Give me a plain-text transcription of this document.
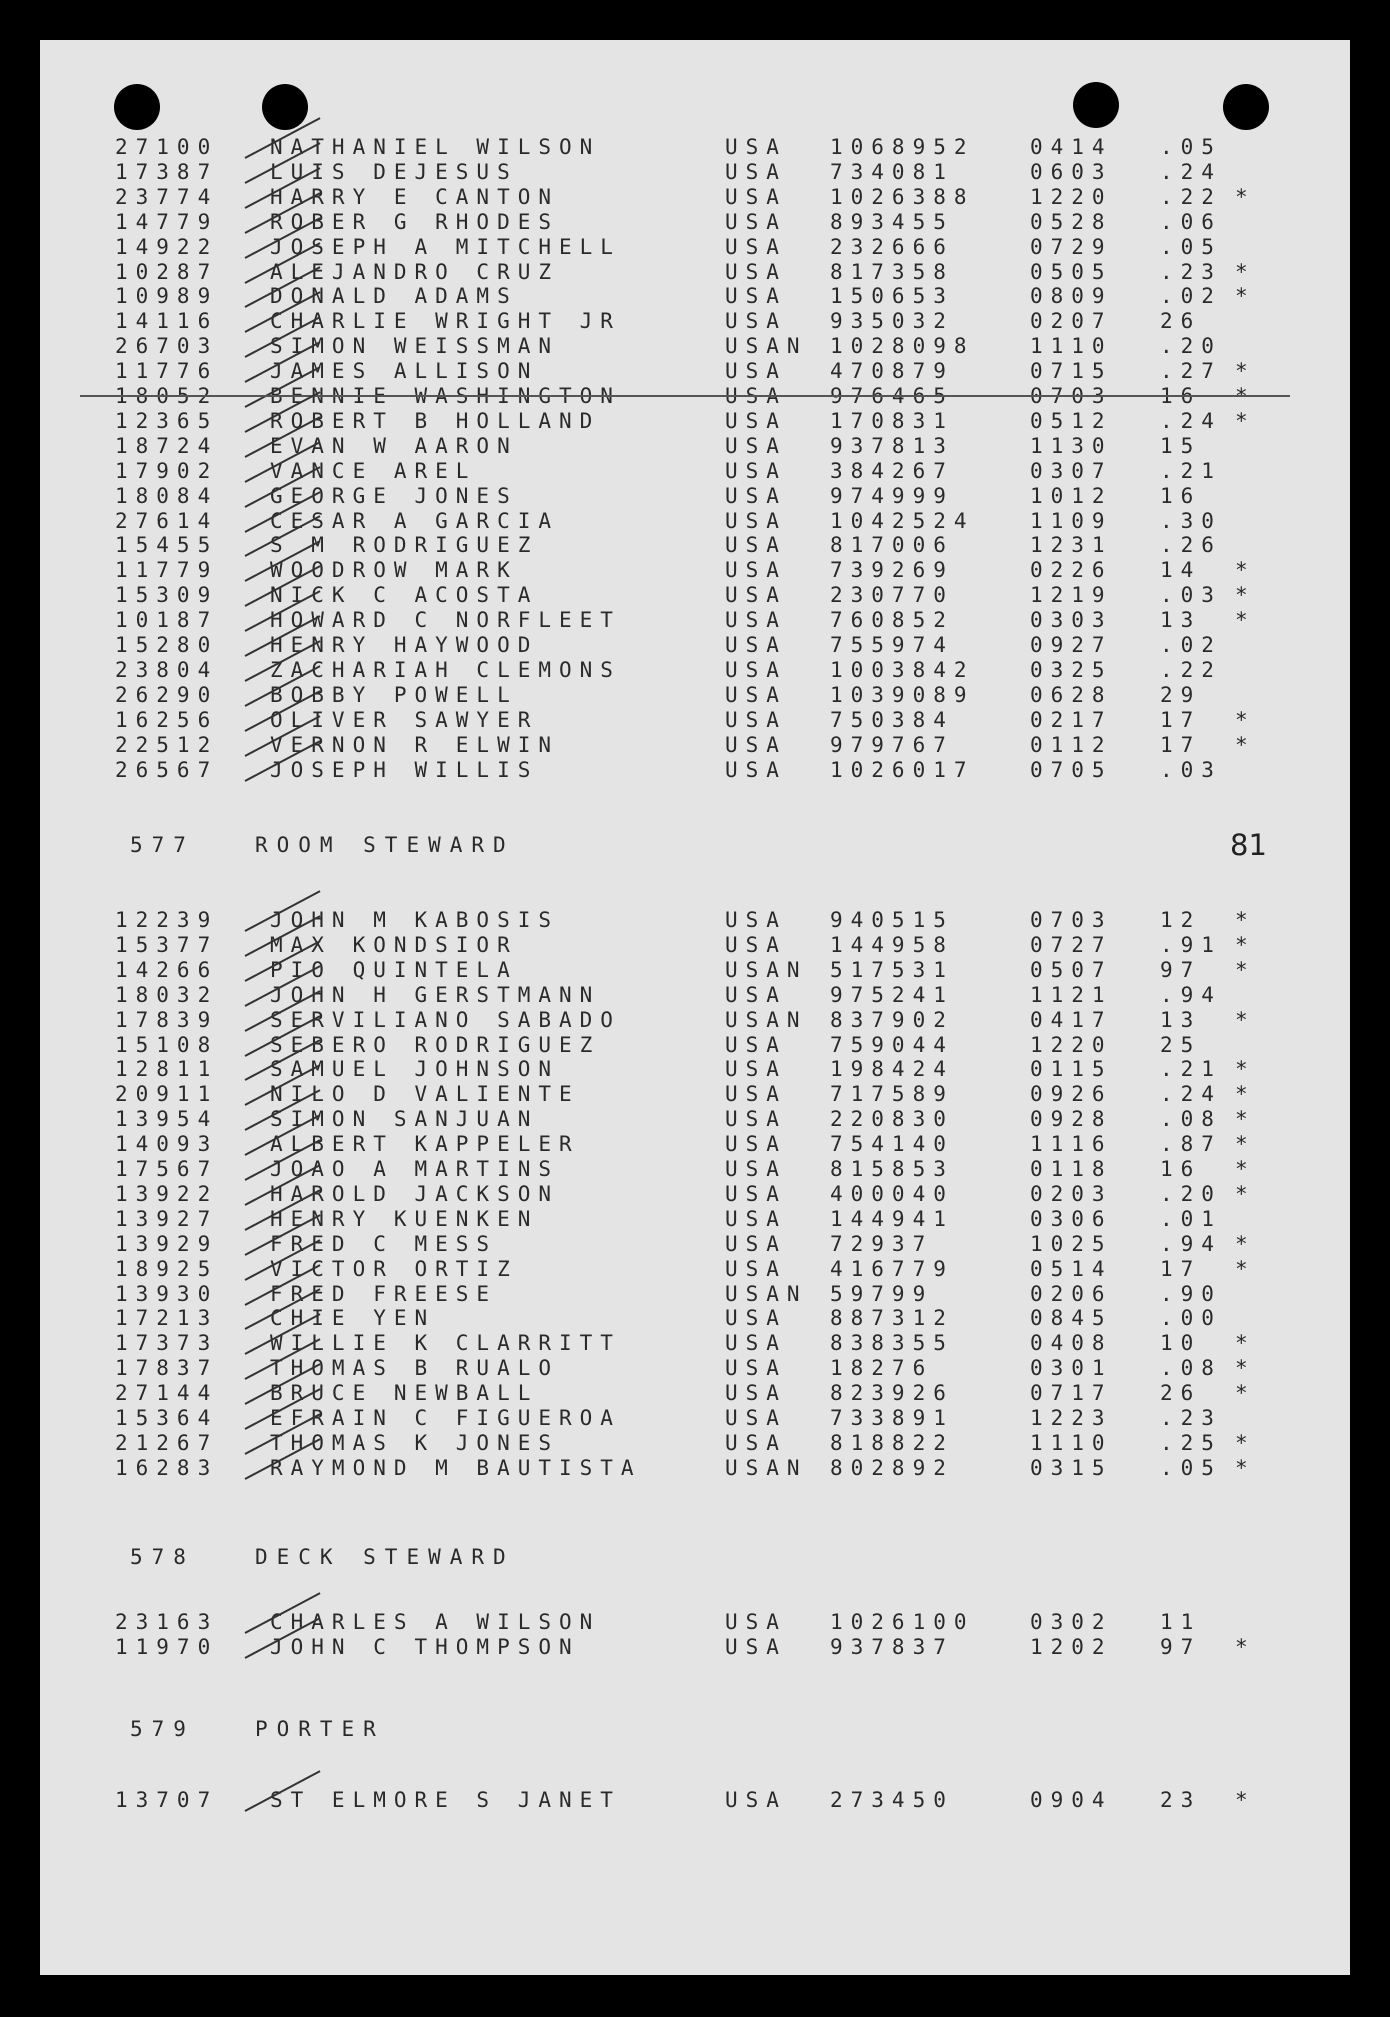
81
27100 NATHANIEL WILSON	USA 1068952	0414 .05
17387 LUIS DEJESUS	USA 734081	0603 .24
23774 HARRY E CANTON	USA 1026388	1220 .22 *
14779 ROBER G RHODES	USA 893455	0528 .06
14922 JOSEPH A MITCHELL	USA 232666	0729 .05
10287 ALEJANDRO CRUZ	USA 817358	0505 .23 *
10989 DONALD ADAMS	USA 150653	0809 .02 *
14116 CHARLIE WRIGHT JR	USA 935032	0207 26
26703 SIMON WEISSMAN	USAN 1028098	1110 .20
11776 JAMES ALLISON	USA 470879	0715 .27 *
18052 BENNIE WASHINGTON	USA 976465	0703 16 *
12365 ROBERT B HOLLAND	USA 170831	0512 .24 *
18724 EVAN W AARON	USA 937813	1130 15
17902 VANCE AREL	USA 384267	0307 .21
18084 GEORGE JONES	USA 974999	1012 16
27614 CESAR A GARCIA	USA 1042524	1109 .30
15455 S M RODRIGUEZ	USA 817006	1231 .26
11779 WOODROW MARK	USA 739269	0226 14 *
15309 NICK C ACOSTA	USA 230770	1219 .03 *
10187 HOWARD C NORFLEET	USA 760852	0303 13 *
15280 HENRY HAYWOOD	USA 755974	0927 .02
23804 ZACHARIAH CLEMONS	USA 1003842	0325 .22
26290 BOBBY POWELL	USA 1039089	0628 29
16256 OLIVER SAWYER	USA 750384	0217 17 *
22512 VERNON R ELWIN	USA 979767	0112 17 *
26567 JOSEPH WILLIS	USA 1026017	0705 .03
577	ROOM STEWARD
12239 JOHN M KABOSIS	USA 940515	0703 12 *
15377 MAX KONDSIOR	USA 144958	0727 .91 *
14266 PIO QUINTELA	USAN 517531	0507 97 *
18032 JOHN H GERSTMANN	USA 975241	1121 .94
17839 SERVILIANO SABADO	USAN 837902	0417 13 *
15108 SEBERO RODRIGUEZ	USA 759044	1220 25
12811 SAMUEL JOHNSON	USA 198424	0115 .21 *
20911 NILO D VALIENTE	USA 717589	0926 .24 *
13954 SIMON SANJUAN	USA 220830	0928 .08 *
14093 ALBERT KAPPELER	USA 754140	1116 .87 *
17567 JOAO A MARTINS	USA 815853	0118 16 *
13922 HAROLD JACKSON	USA 400040	0203 .20 *
13927 HENRY KUENKEN	USA 144941	0306 .01
13929 FRED C MESS	USA 72937	1025 .94 *
18925 VICTOR ORTIZ	USA 416779	0514 17 *
13930 FRED FREESE	USAN 59799	0206 .90
17213 CHIE YEN	USA 887312	0845 .00
17373 WILLIE K CLARRITT	USA 838355	0408 10 *
17837 THOMAS B RUALO	USA 18276	0301 .08 *
27144 BRUCE NEWBALL	USA 823926	0717 26 *
15364 EFRAIN C FIGUEROA	USA 733891	1223 .23
21267 THOMAS K JONES	USA 818822	1110 .25 *
16283 RAYMOND M BAUTISTA	USAN 802892	0315 .05 *
578	DECK STEWARD
23163 CHARLES A WILSON	USA 1026100	0302 11
11970 JOHN C THOMPSON	USA 937837	1202 97 *
579	PORTER
13707 ST ELMORE S JANET	USA 273450	0904 23 *
